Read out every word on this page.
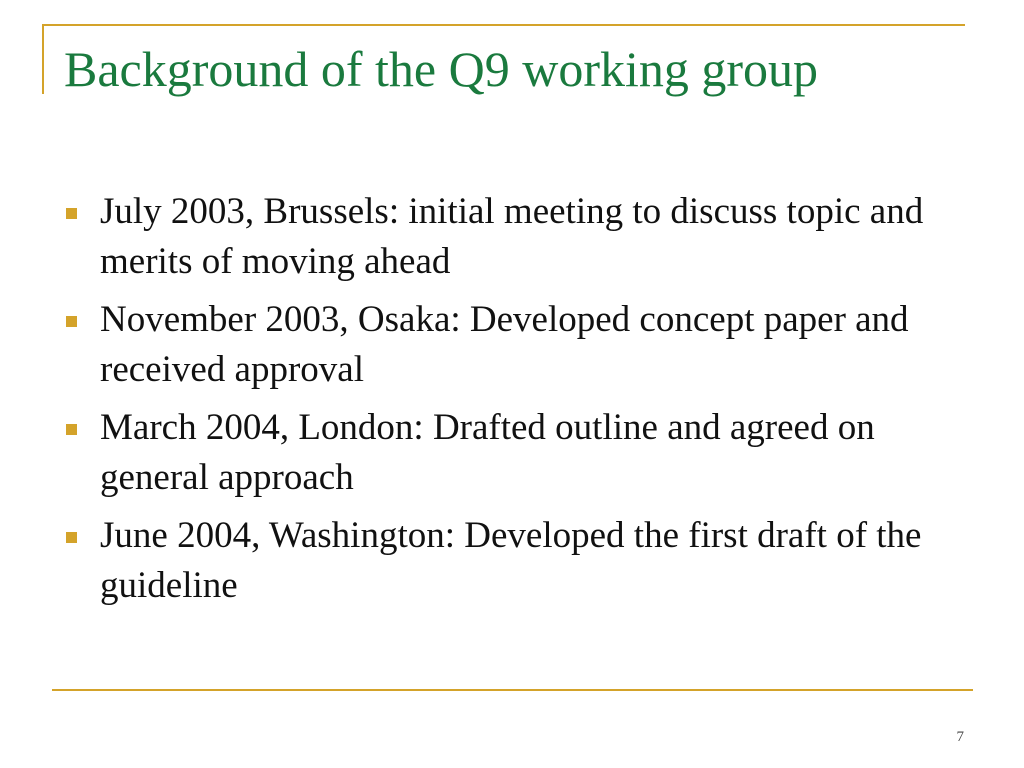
Background of the Q9 working group
July 2003, Brussels: initial meeting to discuss topic and merits of moving ahead
November 2003, Osaka: Developed concept paper and received approval
March 2004, London: Drafted outline and agreed on general approach
June 2004, Washington: Developed the first draft of the guideline
7
